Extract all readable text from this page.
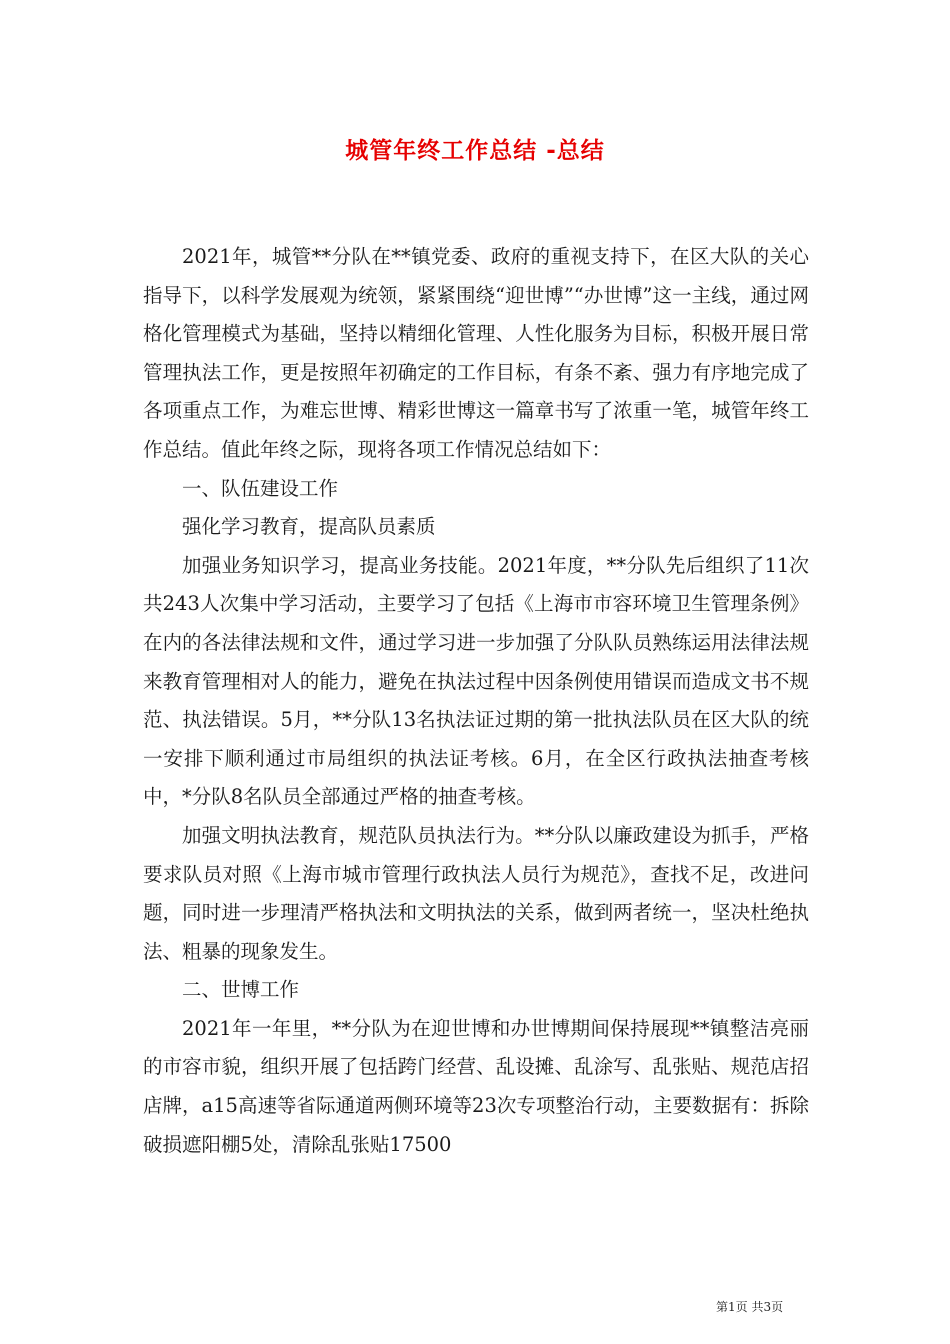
城管年终工作总结 -总结

2021年，城管**分队在**镇党委、政府的重视支持下，在区大队的关心指导下，以科学发展观为统领，紧紧围绕“迎世博”“办世博”这一主线，通过网格化管理模式为基础，坚持以精细化管理、人性化服务为目标，积极开展日常管理执法工作，更是按照年初确定的工作目标，有条不紊、强力有序地完成了各项重点工作，为难忘世博、精彩世博这一篇章书写了浓重一笔，城管年终工作总结。值此年终之际，现将各项工作情况总结如下：

一、队伍建设工作

强化学习教育，提高队员素质

加强业务知识学习，提高业务技能。2021年度，**分队先后组织了11次共243人次集中学习活动，主要学习了包括《上海市市容环境卫生管理条例》在内的各法律法规和文件，通过学习进一步加强了分队队员熟练运用法律法规来教育管理相对人的能力，避免在执法过程中因条例使用错误而造成文书不规范、执法错误。5月，**分队13名执法证过期的第一批执法队员在区大队的统一安排下顺利通过市局组织的执法证考核。6月，在全区行政执法抽查考核中，*分队8名队员全部通过严格的抽查考核。

加强文明执法教育，规范队员执法行为。**分队以廉政建设为抓手，严格要求队员对照《上海市城市管理行政执法人员行为规范》，查找不足，改进问题，同时进一步理清严格执法和文明执法的关系，做到两者统一，坚决杜绝执法、粗暴的现象发生。

二、世博工作

2021年一年里，**分队为在迎世博和办世博期间保持展现**镇整洁亮丽的市容市貌，组织开展了包括跨门经营、乱设摊、乱涂写、乱张贴、规范店招店牌，a15高速等省际通道两侧环境等23次专项整治行动，主要数据有：拆除破损遮阳棚5处，清除乱张贴17500

第1页 共3页
